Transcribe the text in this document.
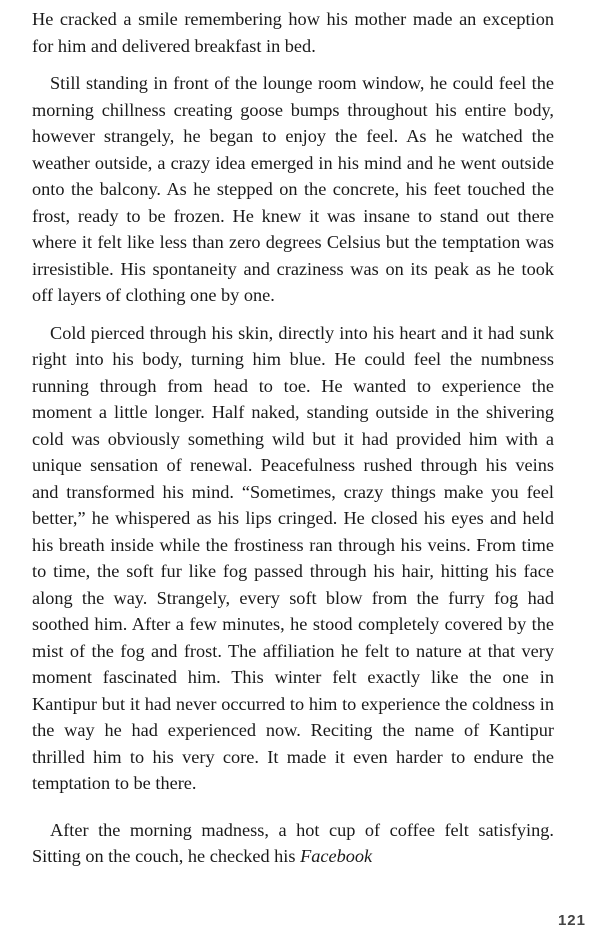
He cracked a smile remembering how his mother made an exception for him and delivered breakfast in bed.

Still standing in front of the lounge room window, he could feel the morning chillness creating goose bumps throughout his entire body, however strangely, he began to enjoy the feel. As he watched the weather outside, a crazy idea emerged in his mind and he went outside onto the balcony. As he stepped on the concrete, his feet touched the frost, ready to be frozen. He knew it was insane to stand out there where it felt like less than zero degrees Celsius but the temptation was irresistible. His spontaneity and craziness was on its peak as he took off layers of clothing one by one.

Cold pierced through his skin, directly into his heart and it had sunk right into his body, turning him blue. He could feel the numbness running through from head to toe. He wanted to experience the moment a little longer. Half naked, standing outside in the shivering cold was obviously something wild but it had provided him with a unique sensation of renewal. Peacefulness rushed through his veins and transformed his mind. “Sometimes, crazy things make you feel better,” he whispered as his lips cringed. He closed his eyes and held his breath inside while the frostiness ran through his veins. From time to time, the soft fur like fog passed through his hair, hitting his face along the way. Strangely, every soft blow from the furry fog had soothed him. After a few minutes, he stood completely covered by the mist of the fog and frost. The affiliation he felt to nature at that very moment fascinated him. This winter felt exactly like the one in Kantipur but it had never occurred to him to experience the coldness in the way he had experienced now. Reciting the name of Kantipur thrilled him to his very core. It made it even harder to endure the temptation to be there.

After the morning madness, a hot cup of coffee felt satisfying. Sitting on the couch, he checked his Facebook

121
